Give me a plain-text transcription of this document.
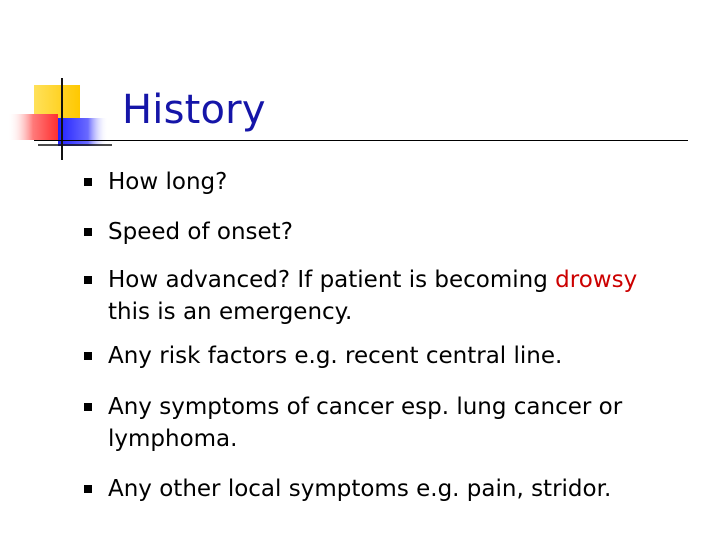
History
How long?
Speed of onset?
How advanced? If patient is becoming drowsy this is an emergency.
Any risk factors e.g. recent central line.
Any symptoms of cancer esp. lung cancer or lymphoma.
Any other local symptoms e.g. pain, stridor.
